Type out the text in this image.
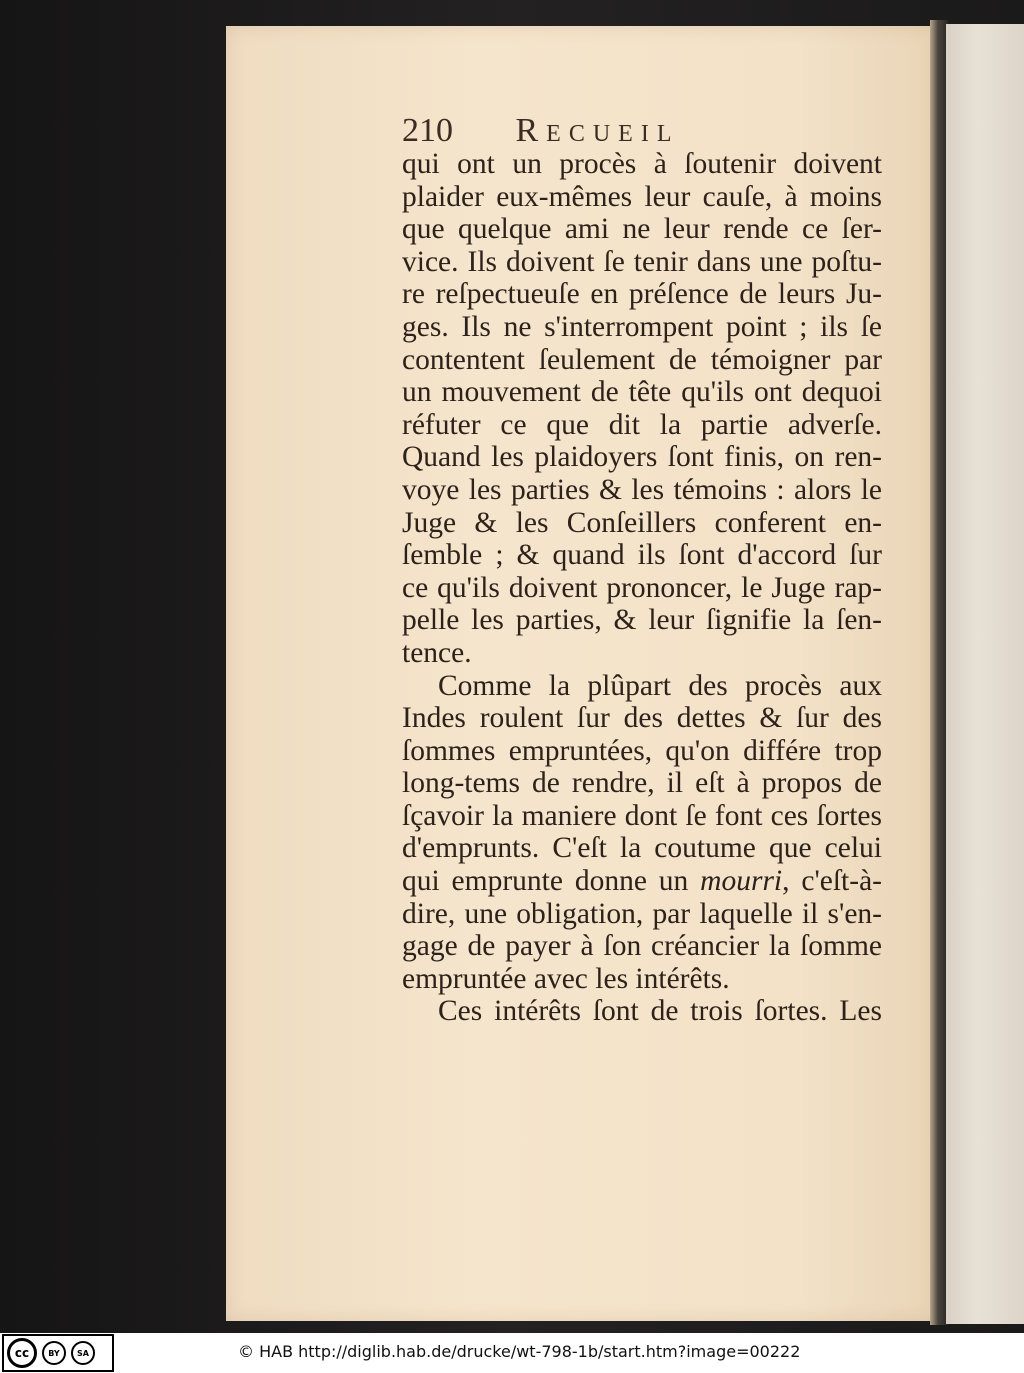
210 Recueil
qui ont un procès à ſoutenir doivent
plaider eux-mêmes leur cauſe, à moins
que quelque ami ne leur rende ce ſer-
vice. Ils doivent ſe tenir dans une poſtu-
re reſpectueuſe en préſence de leurs Ju-
ges. Ils ne s'interrompent point ; ils ſe
contentent ſeulement de témoigner par
un mouvement de tête qu'ils ont dequoi
réfuter ce que dit la partie adverſe.
Quand les plaidoyers ſont finis, on ren-
voye les parties & les témoins : alors le
Juge & les Conſeillers conferent en-
ſemble ; & quand ils ſont d'accord ſur
ce qu'ils doivent prononcer, le Juge rap-
pelle les parties, & leur ſignifie la ſen-
tence.
Comme la plûpart des procès aux
Indes roulent ſur des dettes & ſur des
ſommes empruntées, qu'on différe trop
long-tems de rendre, il eſt à propos de
ſçavoir la maniere dont ſe font ces ſortes
d'emprunts. C'eſt la coutume que celui
qui emprunte donne un mourri, c'eſt-à-
dire, une obligation, par laquelle il s'en-
gage de payer à ſon créancier la ſomme
empruntée avec les intérêts.
Ces intérêts ſont de trois ſortes. Les
cc	BY SA	© HAB http://diglib.hab.de/drucke/wt-798-1b/start.htm?image=00222
